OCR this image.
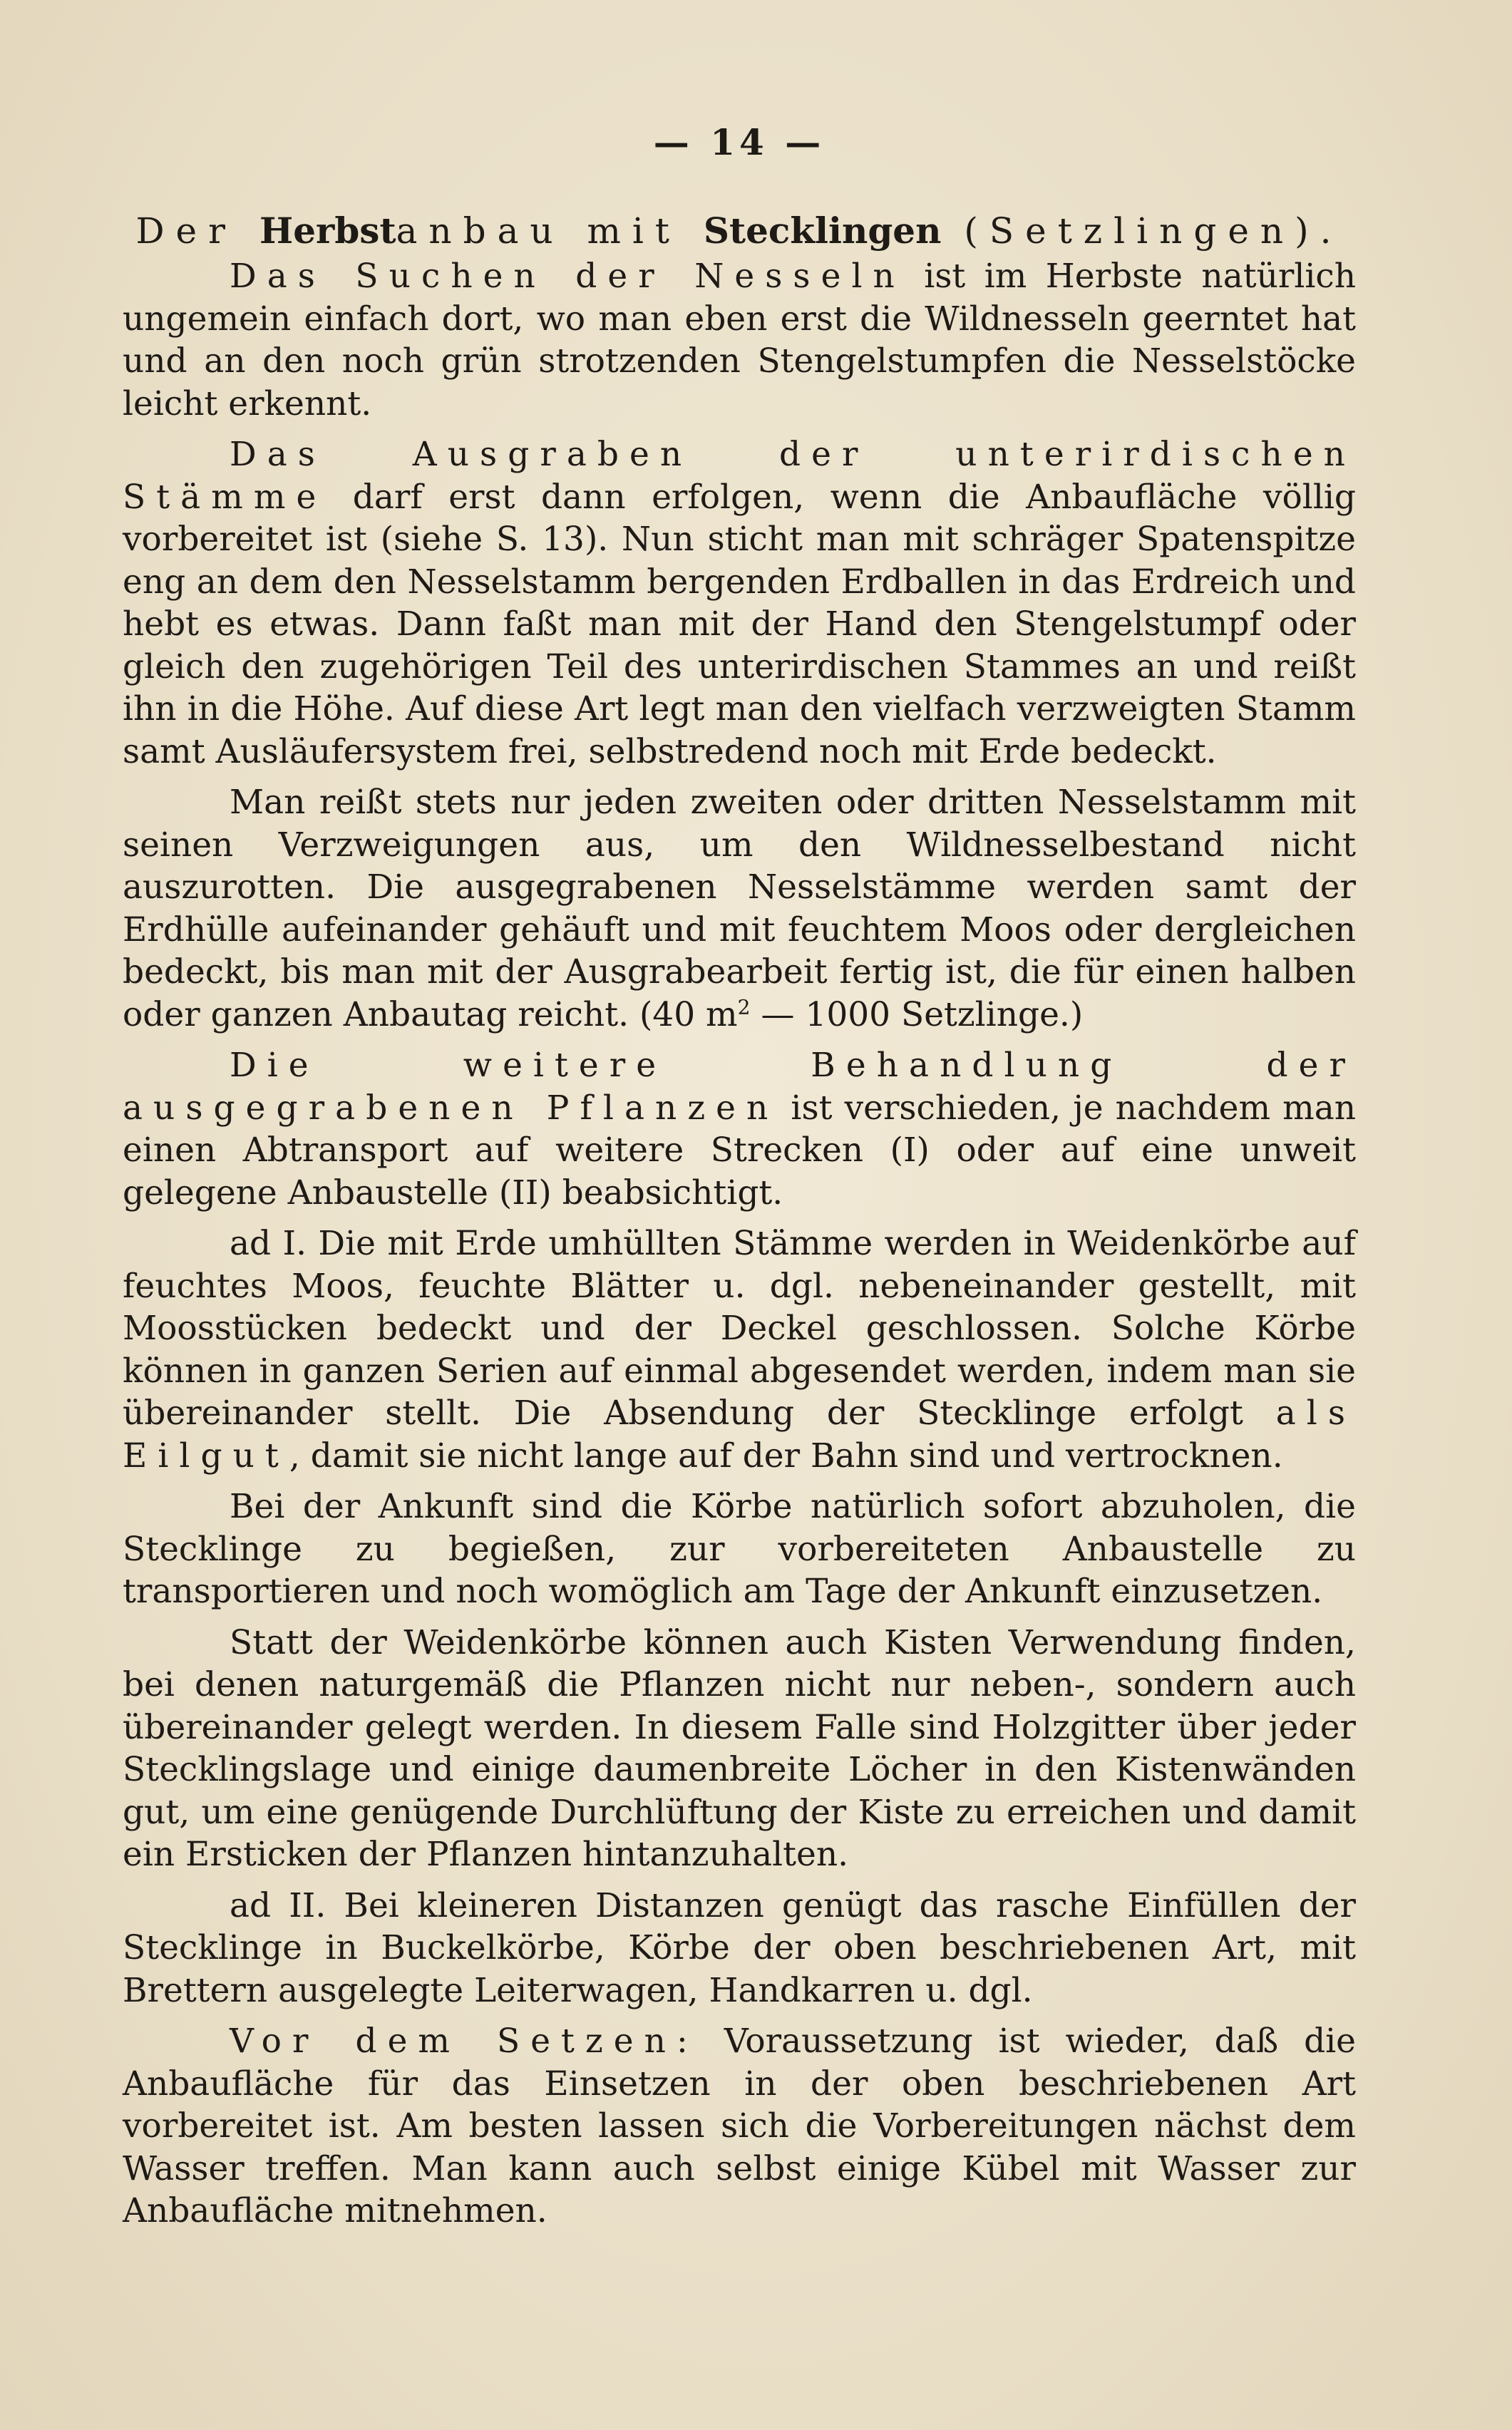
— 14 —
Der Herbstanbau mit Stecklingen (Setzlingen).

Das Suchen der Nesseln ist im Herbste natürlich ungemein einfach dort, wo man eben erst die Wildnesseln geerntet hat und an den noch grün strotzenden Stengelstumpfen die Nesselstöcke leicht erkennt.

Das Ausgraben der unterirdischen Stämme darf erst dann erfolgen, wenn die Anbaufläche völlig vorbereitet ist (siehe S. 13). Nun sticht man mit schräger Spatenspitze eng an dem den Nesselstamm bergenden Erdballen in das Erdreich und hebt es etwas. Dann faßt man mit der Hand den Stengelstumpf oder gleich den zugehörigen Teil des unterirdischen Stammes an und reißt ihn in die Höhe. Auf diese Art legt man den vielfach verzweigten Stamm samt Ausläufersystem frei, selbstredend noch mit Erde bedeckt.

Man reißt stets nur jeden zweiten oder dritten Nesselstamm mit seinen Verzweigungen aus, um den Wildnesselbestand nicht auszurotten. Die ausgegrabenen Nesselstämme werden samt der Erdhülle aufeinander gehäuft und mit feuchtem Moos oder dergleichen bedeckt, bis man mit der Ausgrabearbeit fertig ist, die für einen halben oder ganzen Anbautag reicht. (40 $m^2$ — 1000 Setzlinge.)

Die weitere Behandlung der ausgegrabenen Pflanzen ist verschieden, je nachdem man einen Abtransport auf weitere Strecken (I) oder auf eine unweit gelegene Anbaustelle (II) beabsichtigt.

ad I. Die mit Erde umhüllten Stämme werden in Weidenkörbe auf feuchtes Moos, feuchte Blätter u. dgl. nebeneinander gestellt, mit Moosstücken bedeckt und der Deckel geschlossen. Solche Körbe können in ganzen Serien auf einmal abgesendet werden, indem man sie übereinander stellt. Die Absendung der Stecklinge erfolgt als Eilgut, damit sie nicht lange auf der Bahn sind und vertrocknen.

Bei der Ankunft sind die Körbe natürlich sofort abzuholen, die Stecklinge zu begießen, zur vorbereiteten Anbaustelle zu transportieren und noch womöglich am Tage der Ankunft einzusetzen.

Statt der Weidenkörbe können auch Kisten Verwendung finden, bei denen naturgemäß die Pflanzen nicht nur neben-, sondern auch übereinander gelegt werden. In diesem Falle sind Holzgitter über jeder Stecklingslage und einige daumenbreite Löcher in den Kistenwänden gut, um eine genügende Durchlüftung der Kiste zu erreichen und damit ein Ersticken der Pflanzen hintanzuhalten.

ad II. Bei kleineren Distanzen genügt das rasche Einfüllen der Stecklinge in Buckelkörbe, Körbe der oben beschriebenen Art, mit Brettern ausgelegte Leiterwagen, Handkarren u. dgl.

Vor dem Setzen: Voraussetzung ist wieder, daß die Anbaufläche für das Einsetzen in der oben beschriebenen Art vorbereitet ist. Am besten lassen sich die Vorbereitungen nächst dem Wasser treffen. Man kann auch selbst einige Kübel mit Wasser zur Anbaufläche mitnehmen.
